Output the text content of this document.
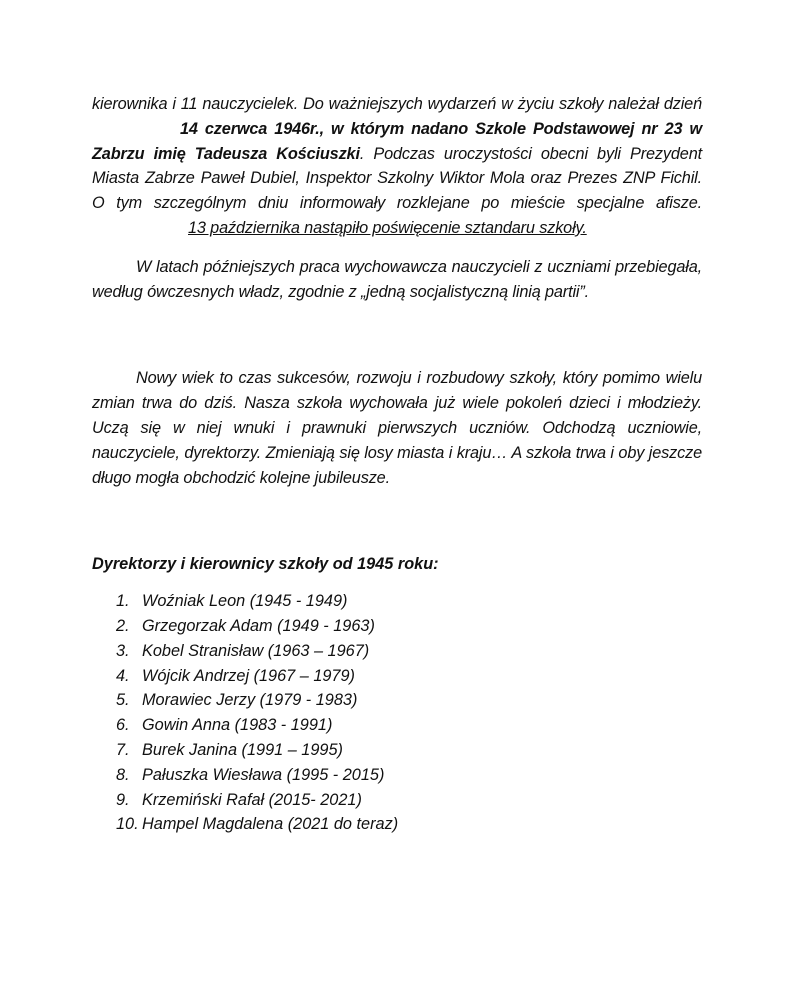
kierownika i 11 nauczycielek. Do ważniejszych wydarzeń w życiu szkoły należał dzień14 czerwca 1946r., w którym nadano Szkole Podstawowej nr 23 w Zabrzu imię Tadeusza Kościuszki. Podczas uroczystości obecni byli Prezydent Miasta Zabrze Paweł Dubiel, Inspektor Szkolny Wiktor Mola oraz Prezes ZNP Fichil. O tym szczególnym dniu informowały rozklejane po mieście specjalne afisze.13 października nastąpiło poświęcenie sztandaru szkoły.

W latach późniejszych praca wychowawcza nauczycieli z uczniami przebiegała, według ówczesnych władz, zgodnie z „jedną socjalistyczną linią partii”.

Nowy wiek to czas sukcesów, rozwoju i rozbudowy szkoły, który pomimo wielu zmian trwa do dziś. Nasza szkoła wychowała już wiele pokoleń dzieci i młodzieży. Uczą się w niej wnuki i prawnuki pierwszych uczniów. Odchodzą uczniowie, nauczyciele, dyrektorzy. Zmieniają się losy miasta i kraju… A szkoła trwa i oby jeszcze długo mogła obchodzić kolejne jubileusze.

Dyrektorzy i kierownicy szkoły od 1945 roku:

1. Woźniak Leon (1945 - 1949)
2. Grzegorzak Adam (1949 - 1963)
3. Kobel Stranisław (1963 – 1967)
4. Wójcik Andrzej (1967 – 1979)
5. Morawiec Jerzy (1979 - 1983)
6. Gowin Anna (1983 - 1991)
7. Burek Janina (1991 – 1995)
8. Pałuszka Wiesława (1995 - 2015)
9. Krzemiński Rafał (2015- 2021)
10. Hampel Magdalena (2021 do teraz)
